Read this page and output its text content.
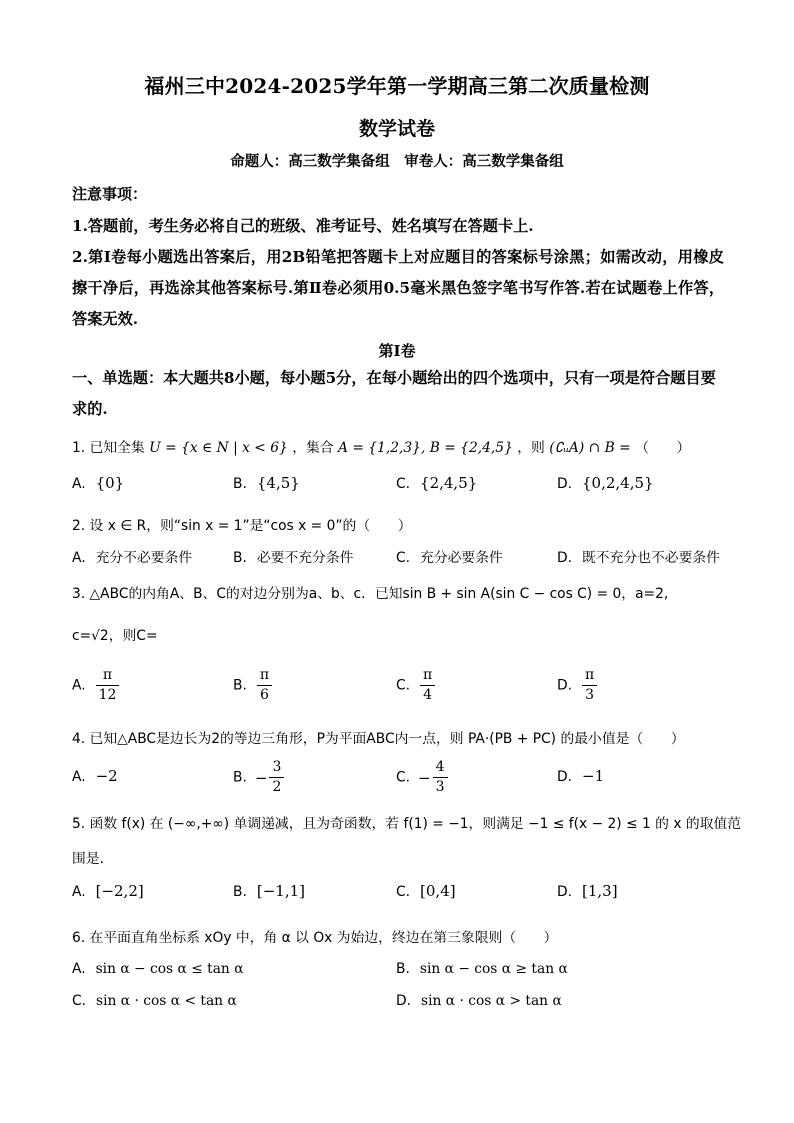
福州三中2024-2025学年第一学期高三第二次质量检测
数学试卷
命题人：高三数学集备组　审卷人：高三数学集备组
注意事项：
1.答题前，考生务必将自己的班级、准考证号、姓名填写在答题卡上.
2.第Ⅰ卷每小题选出答案后，用2B铅笔把答题卡上对应题目的答案标号涂黑；如需改动，用橡皮擦干净后，再选涂其他答案标号.第Ⅱ卷必须用0.5毫米黑色签字笔书写作答.若在试题卷上作答，答案无效.
第Ⅰ卷
一、单选题：本大题共8小题，每小题5分，在每小题给出的四个选项中，只有一项是符合题目要求的.
1. 已知全集 U = {x ∈ N | x < 6} ，集合 A = {1,2,3}, B = {2,4,5} ，则 (∁ᵤA) ∩ B = （　　）
A. {0}	B. {4,5}	C. {2,4,5}	D. {0,2,4,5}
2. 设 x ∈ R，则“sin x = 1”是“cos x = 0”的（　　）
A. 充分不必要条件	B. 必要不充分条件	C. 充分必要条件	D. 既不充分也不必要条件
3. △ABC的内角A、B、C的对边分别为a、b、c．已知sin B + sin A(sin C − cos C) = 0，a=2,
c=√2，则C=
A. $\frac{\pi}{12}$	B. $\frac{\pi}{6}$	C. $\frac{\pi}{4}$	D. $\frac{\pi}{3}$
4. 已知△ABC是边长为2的等边三角形，P为平面ABC内一点，则 PA·(PB + PC) 的最小值是（　　）
A. −2	B. − $\frac{3}{2}$	C. − $\frac{4}{3}$	D. −1
5. 函数 f(x) 在 (−∞,+∞) 单调递减，且为奇函数，若 f(1) = −1，则满足 −1 ≤ f(x − 2) ≤ 1 的 x 的取值范
围是．
A. [−2,2]	B. [−1,1]	C. [0,4]	D. [1,3]
6. 在平面直角坐标系 xOy 中，角 α 以 Ox 为始边，终边在第三象限则（　　）
A. sin α − cos α ≤ tan α	B. sin α − cos α ≥ tan α
C. sin α · cos α < tan α	D. sin α · cos α > tan α
